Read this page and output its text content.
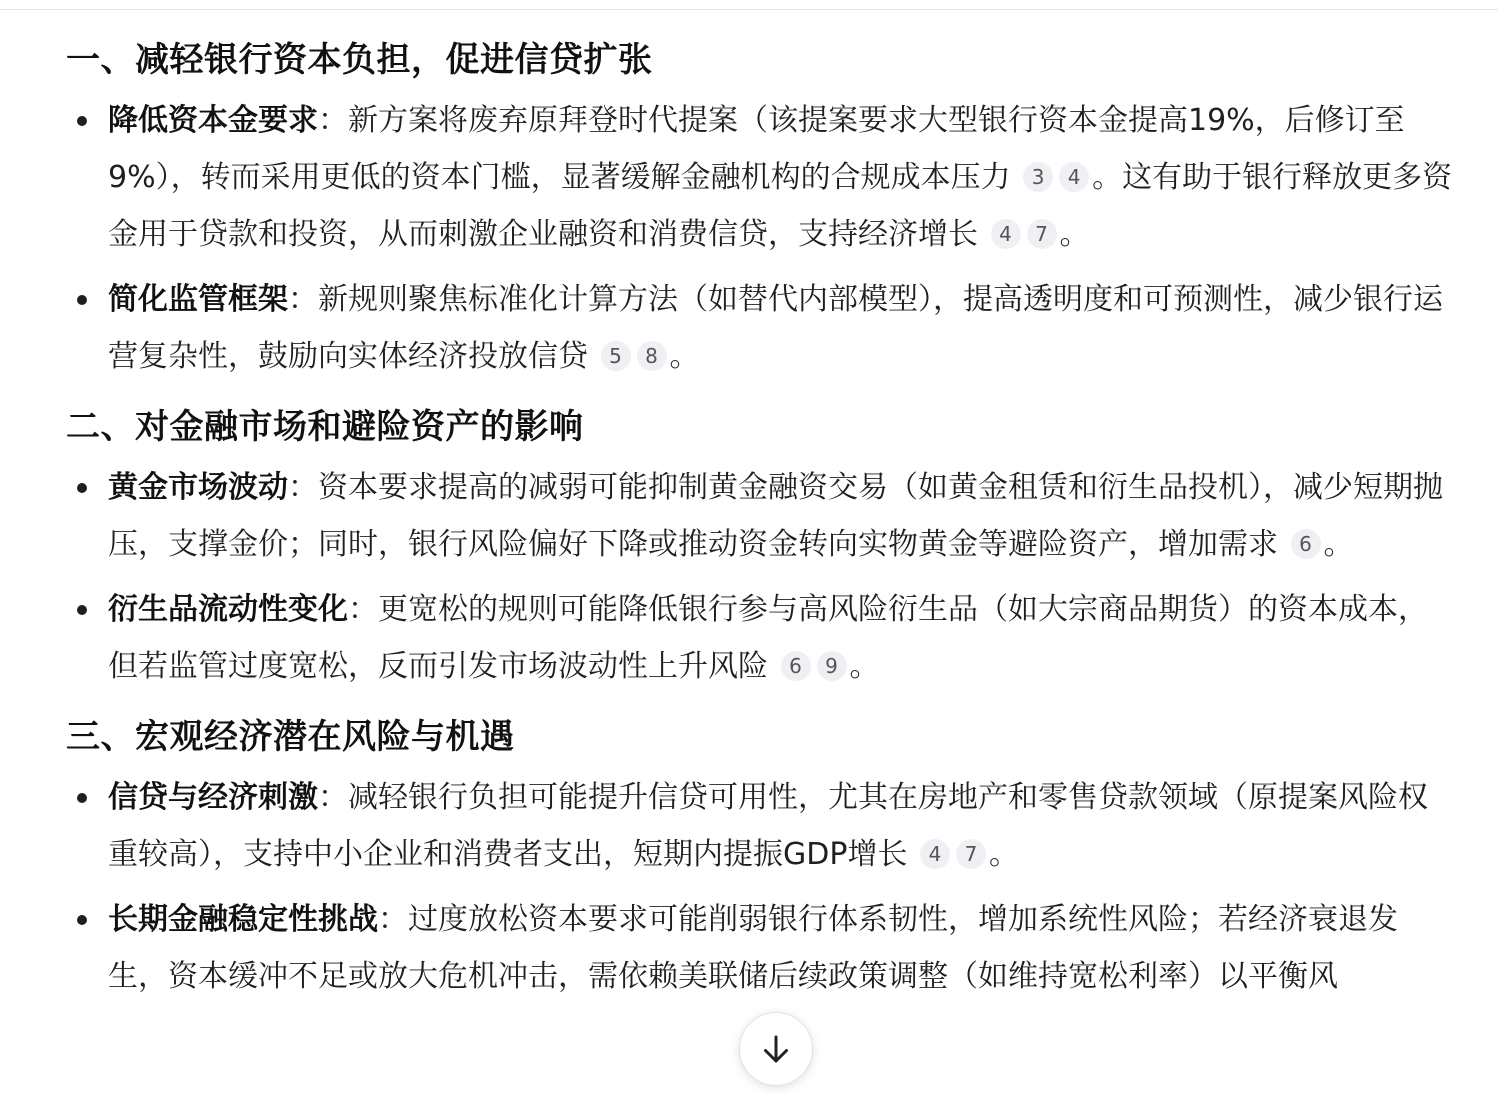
一、减轻银行资本负担，促进信贷扩张
降低资本金要求：新方案将废弃原拜登时代提案（该提案要求大型银行资本金提高19%，后修订至9%），转而采用更低的资本门槛，显著缓解金融机构的合规成本压力 3 4 。这有助于银行释放更多资金用于贷款和投资，从而刺激企业融资和消费信贷，支持经济增长 4 7 。
简化监管框架：新规则聚焦标准化计算方法（如替代内部模型），提高透明度和可预测性，减少银行运营复杂性，鼓励向实体经济投放信贷 5 8 。
二、对金融市场和避险资产的影响
黄金市场波动：资本要求提高的减弱可能抑制黄金融资交易（如黄金租赁和衍生品投机），减少短期抛压，支撑金价；同时，银行风险偏好下降或推动资金转向实物黄金等避险资产，增加需求 6 。
衍生品流动性变化：更宽松的规则可能降低银行参与高风险衍生品（如大宗商品期货）的资本成本，但若监管过度宽松，反而引发市场波动性上升风险 6 9 。
三、宏观经济潜在风险与机遇
信贷与经济刺激：减轻银行负担可能提升信贷可用性，尤其在房地产和零售贷款领域（原提案风险权重较高），支持中小企业和消费者支出，短期内提振GDP增长 4 7 。
长期金融稳定性挑战：过度放松资本要求可能削弱银行体系韧性，增加系统性风险；若经济衰退发生，资本缓冲不足或放大危机冲击，需依赖美联储后续政策调整（如维持宽松利率）以平衡风
